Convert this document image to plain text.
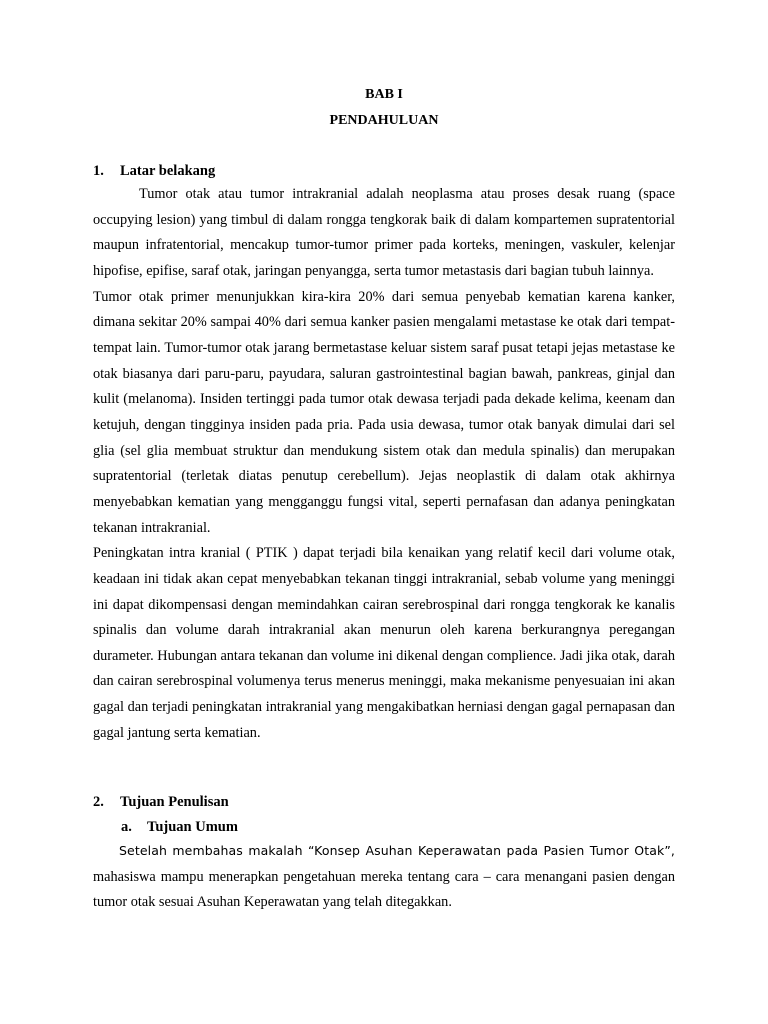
BAB I

PENDAHULUAN

1. Latar belakang

Tumor otak atau tumor intrakranial adalah neoplasma atau proses desak ruang (space occupying lesion) yang timbul di dalam rongga tengkorak baik di dalam kompartemen supratentorial maupun infratentorial, mencakup tumor-tumor primer pada korteks, meningen, vaskuler, kelenjar hipofise, epifise, saraf otak, jaringan penyangga, serta tumor metastasis dari bagian tubuh lainnya.

Tumor otak primer menunjukkan kira-kira 20% dari semua penyebab kematian karena kanker, dimana sekitar 20% sampai 40% dari semua kanker pasien mengalami metastase ke otak dari tempat-tempat lain. Tumor-tumor otak jarang bermetastase keluar sistem saraf pusat tetapi jejas metastase ke otak biasanya dari paru-paru, payudara, saluran gastrointestinal bagian bawah, pankreas, ginjal dan kulit (melanoma). Insiden tertinggi pada tumor otak dewasa terjadi pada dekade kelima, keenam dan ketujuh, dengan tingginya insiden pada pria. Pada usia dewasa, tumor otak banyak dimulai dari sel glia (sel glia membuat struktur dan mendukung sistem otak dan medula spinalis) dan merupakan supratentorial (terletak diatas penutup cerebellum). Jejas neoplastik di dalam otak akhirnya menyebabkan kematian yang mengganggu fungsi vital, seperti pernafasan dan adanya peningkatan tekanan intrakranial.

Peningkatan intra kranial ( PTIK ) dapat terjadi bila kenaikan yang relatif kecil dari volume otak, keadaan ini tidak akan cepat menyebabkan tekanan tinggi intrakranial, sebab volume yang meninggi ini dapat dikompensasi dengan memindahkan cairan serebrospinal dari rongga tengkorak ke kanalis spinalis dan volume darah intrakranial akan menurun oleh karena berkurangnya peregangan durameter. Hubungan antara tekanan dan volume ini dikenal dengan complience. Jadi jika otak, darah dan cairan serebrospinal volumenya terus menerus meninggi, maka mekanisme penyesuaian ini akan gagal dan terjadi peningkatan intrakranial yang mengakibatkan herniasi dengan gagal pernapasan dan gagal jantung serta kematian.

2. Tujuan Penulisan

a. Tujuan Umum

Setelah membahas makalah “Konsep Asuhan Keperawatan pada Pasien Tumor Otak”, mahasiswa mampu menerapkan pengetahuan mereka tentang cara – cara menangani pasien dengan tumor otak sesuai Asuhan Keperawatan yang telah ditegakkan.
